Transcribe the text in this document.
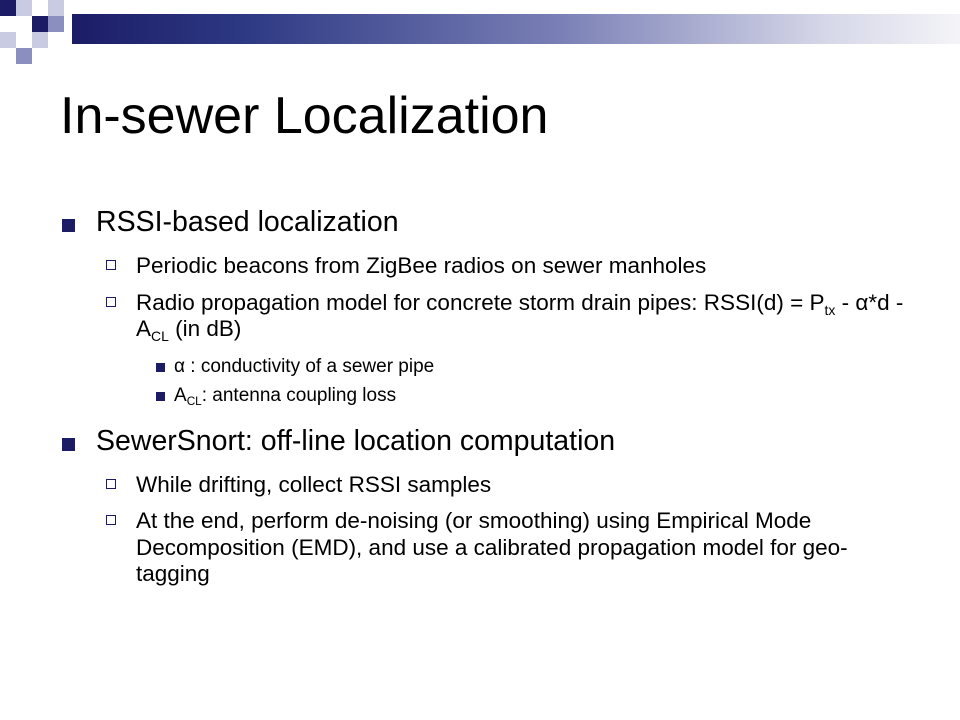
In-sewer Localization
RSSI-based localization
Periodic beacons from ZigBee radios on sewer manholes
Radio propagation model for concrete storm drain pipes: RSSI(d) = $P_{tx} - \alpha*d - A_{CL}$ (in dB)
α : conductivity of a sewer pipe
$A_{CL}$: antenna coupling loss
SewerSnort: off-line location computation
While drifting, collect RSSI samples
At the end, perform de-noising (or smoothing) using Empirical Mode Decomposition (EMD), and use a calibrated propagation model for geo-tagging
